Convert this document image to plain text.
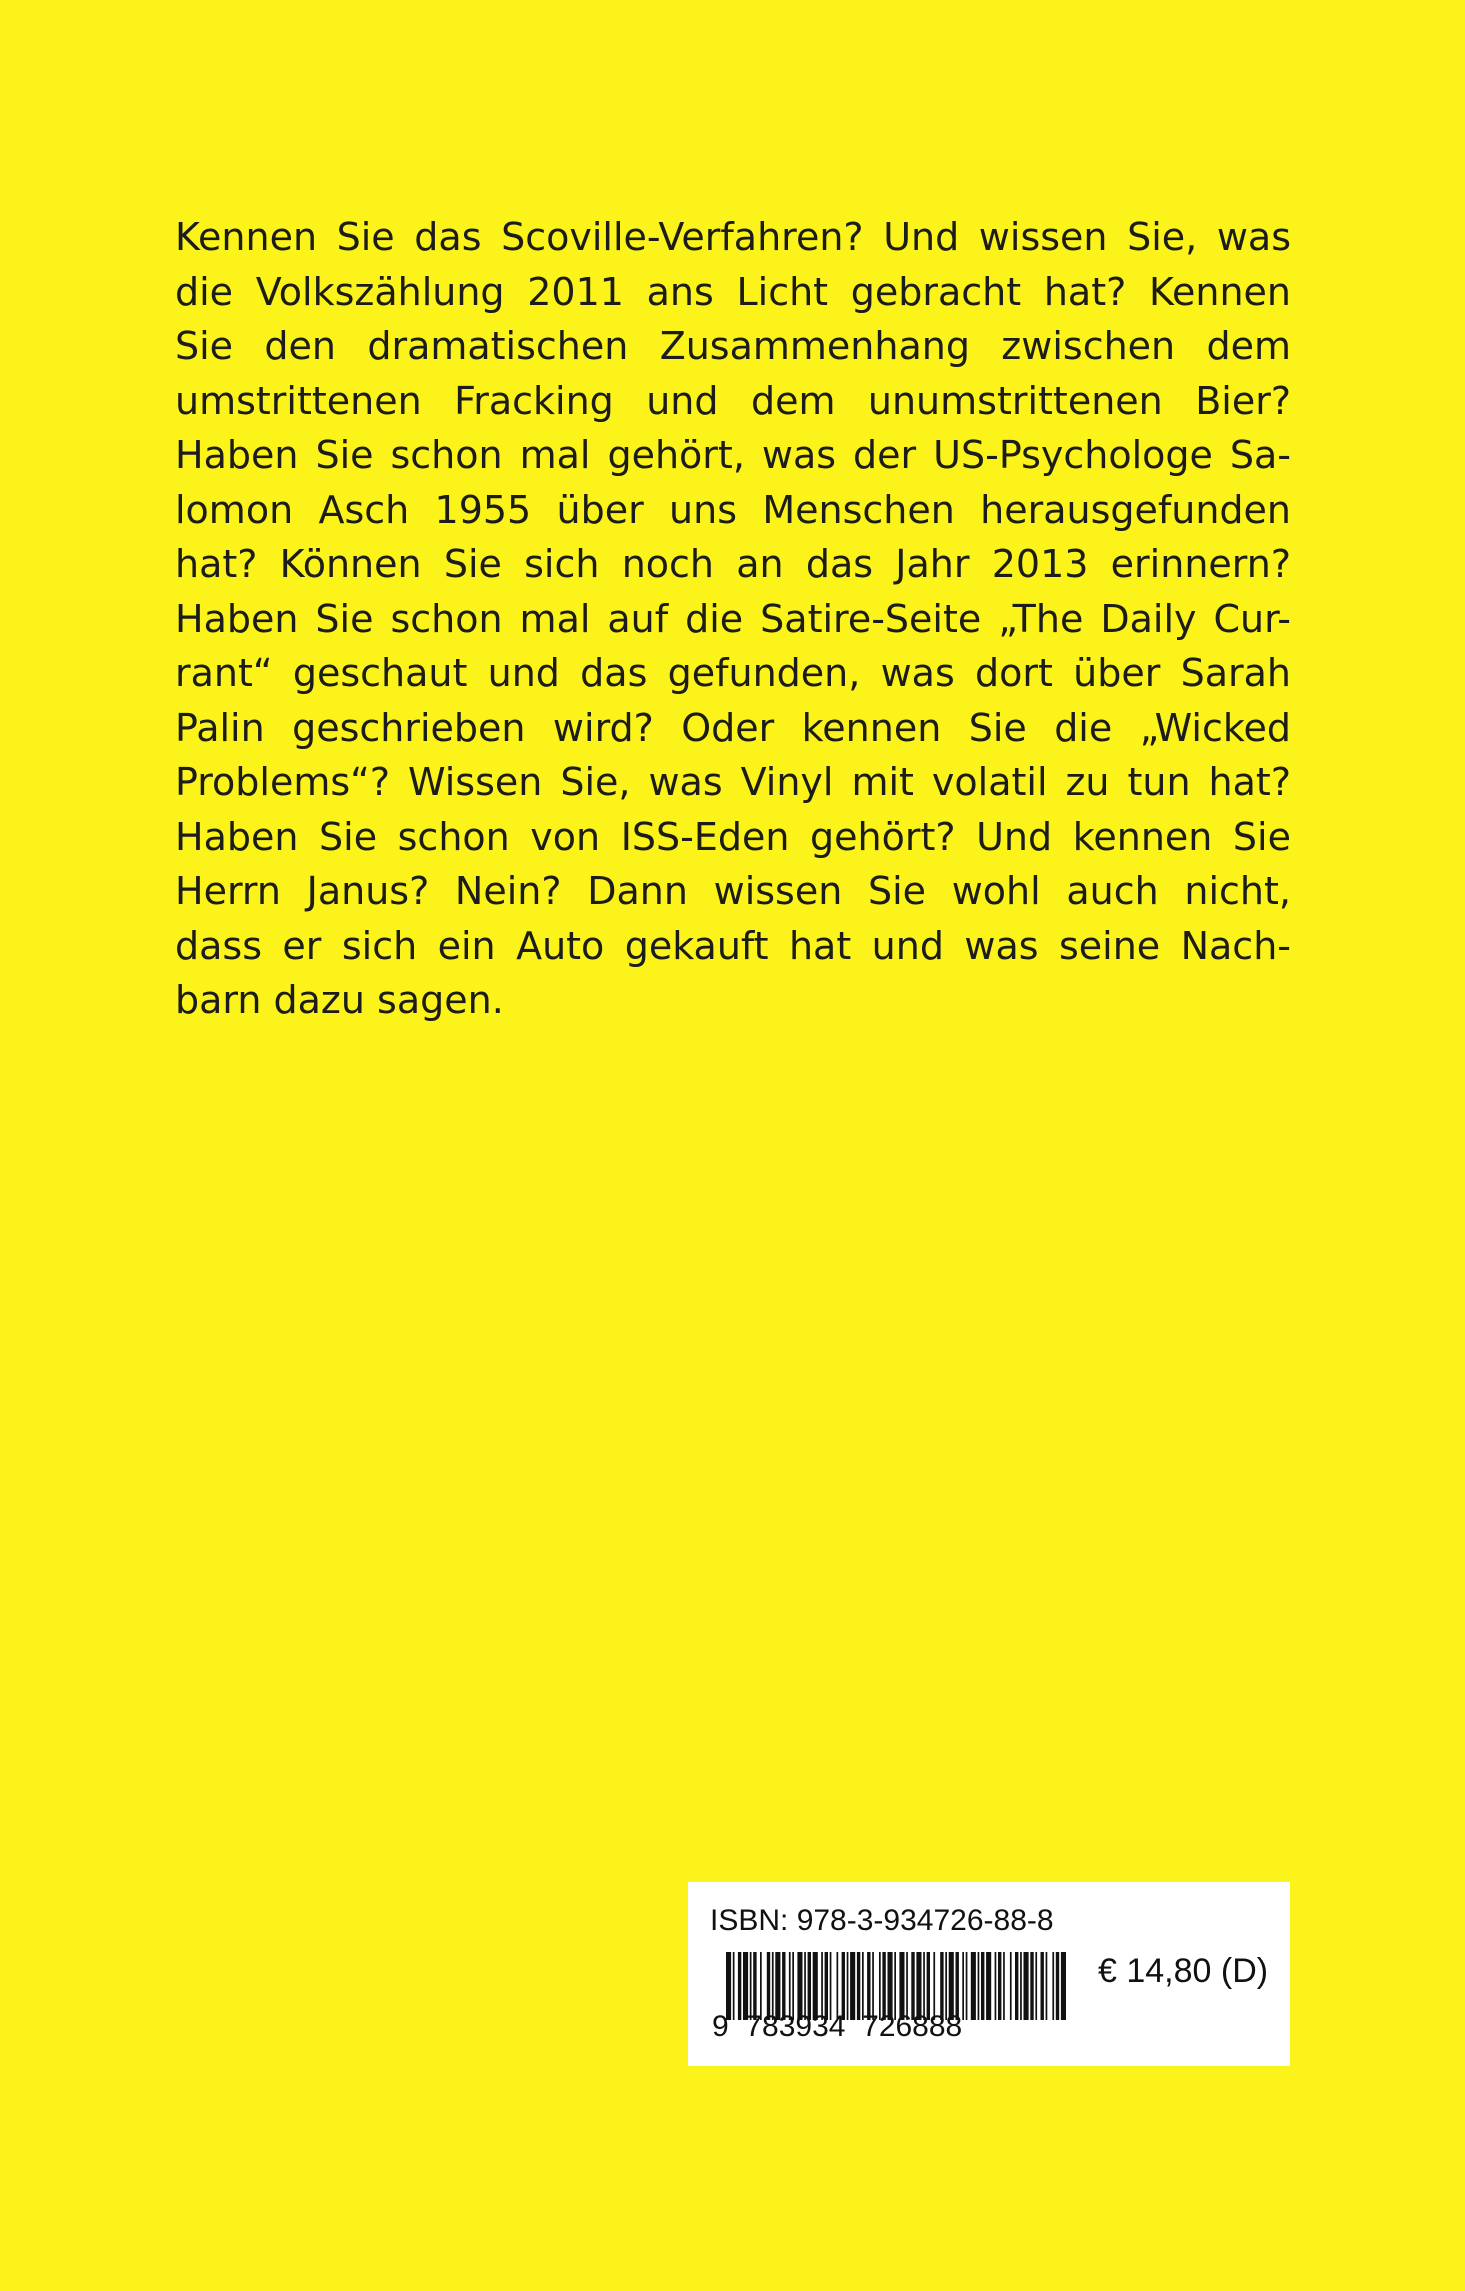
Kennen Sie das Scoville-Verfahren? Und wissen Sie, was
die Volkszählung 2011 ans Licht gebracht hat? Kennen
Sie den dramatischen Zusammenhang zwischen dem
umstrittenen Fracking und dem unumstrittenen Bier?
Haben Sie schon mal gehört, was der US-Psychologe Sa-
lomon Asch 1955 über uns Menschen herausgefunden
hat? Können Sie sich noch an das Jahr 2013 erinnern?
Haben Sie schon mal auf die Satire-Seite „The Daily Cur-
rant“ geschaut und das gefunden, was dort über Sarah
Palin geschrieben wird? Oder kennen Sie die „Wicked
Problems“? Wissen Sie, was Vinyl mit volatil zu tun hat?
Haben Sie schon von ISS-Eden gehört? Und kennen Sie
Herrn Janus? Nein? Dann wissen Sie wohl auch nicht,
dass er sich ein Auto gekauft hat und was seine Nach-
barn dazu sagen.
ISBN: 978-3-934726-88-8
9  783934  726888
€ 14,80 (D)
